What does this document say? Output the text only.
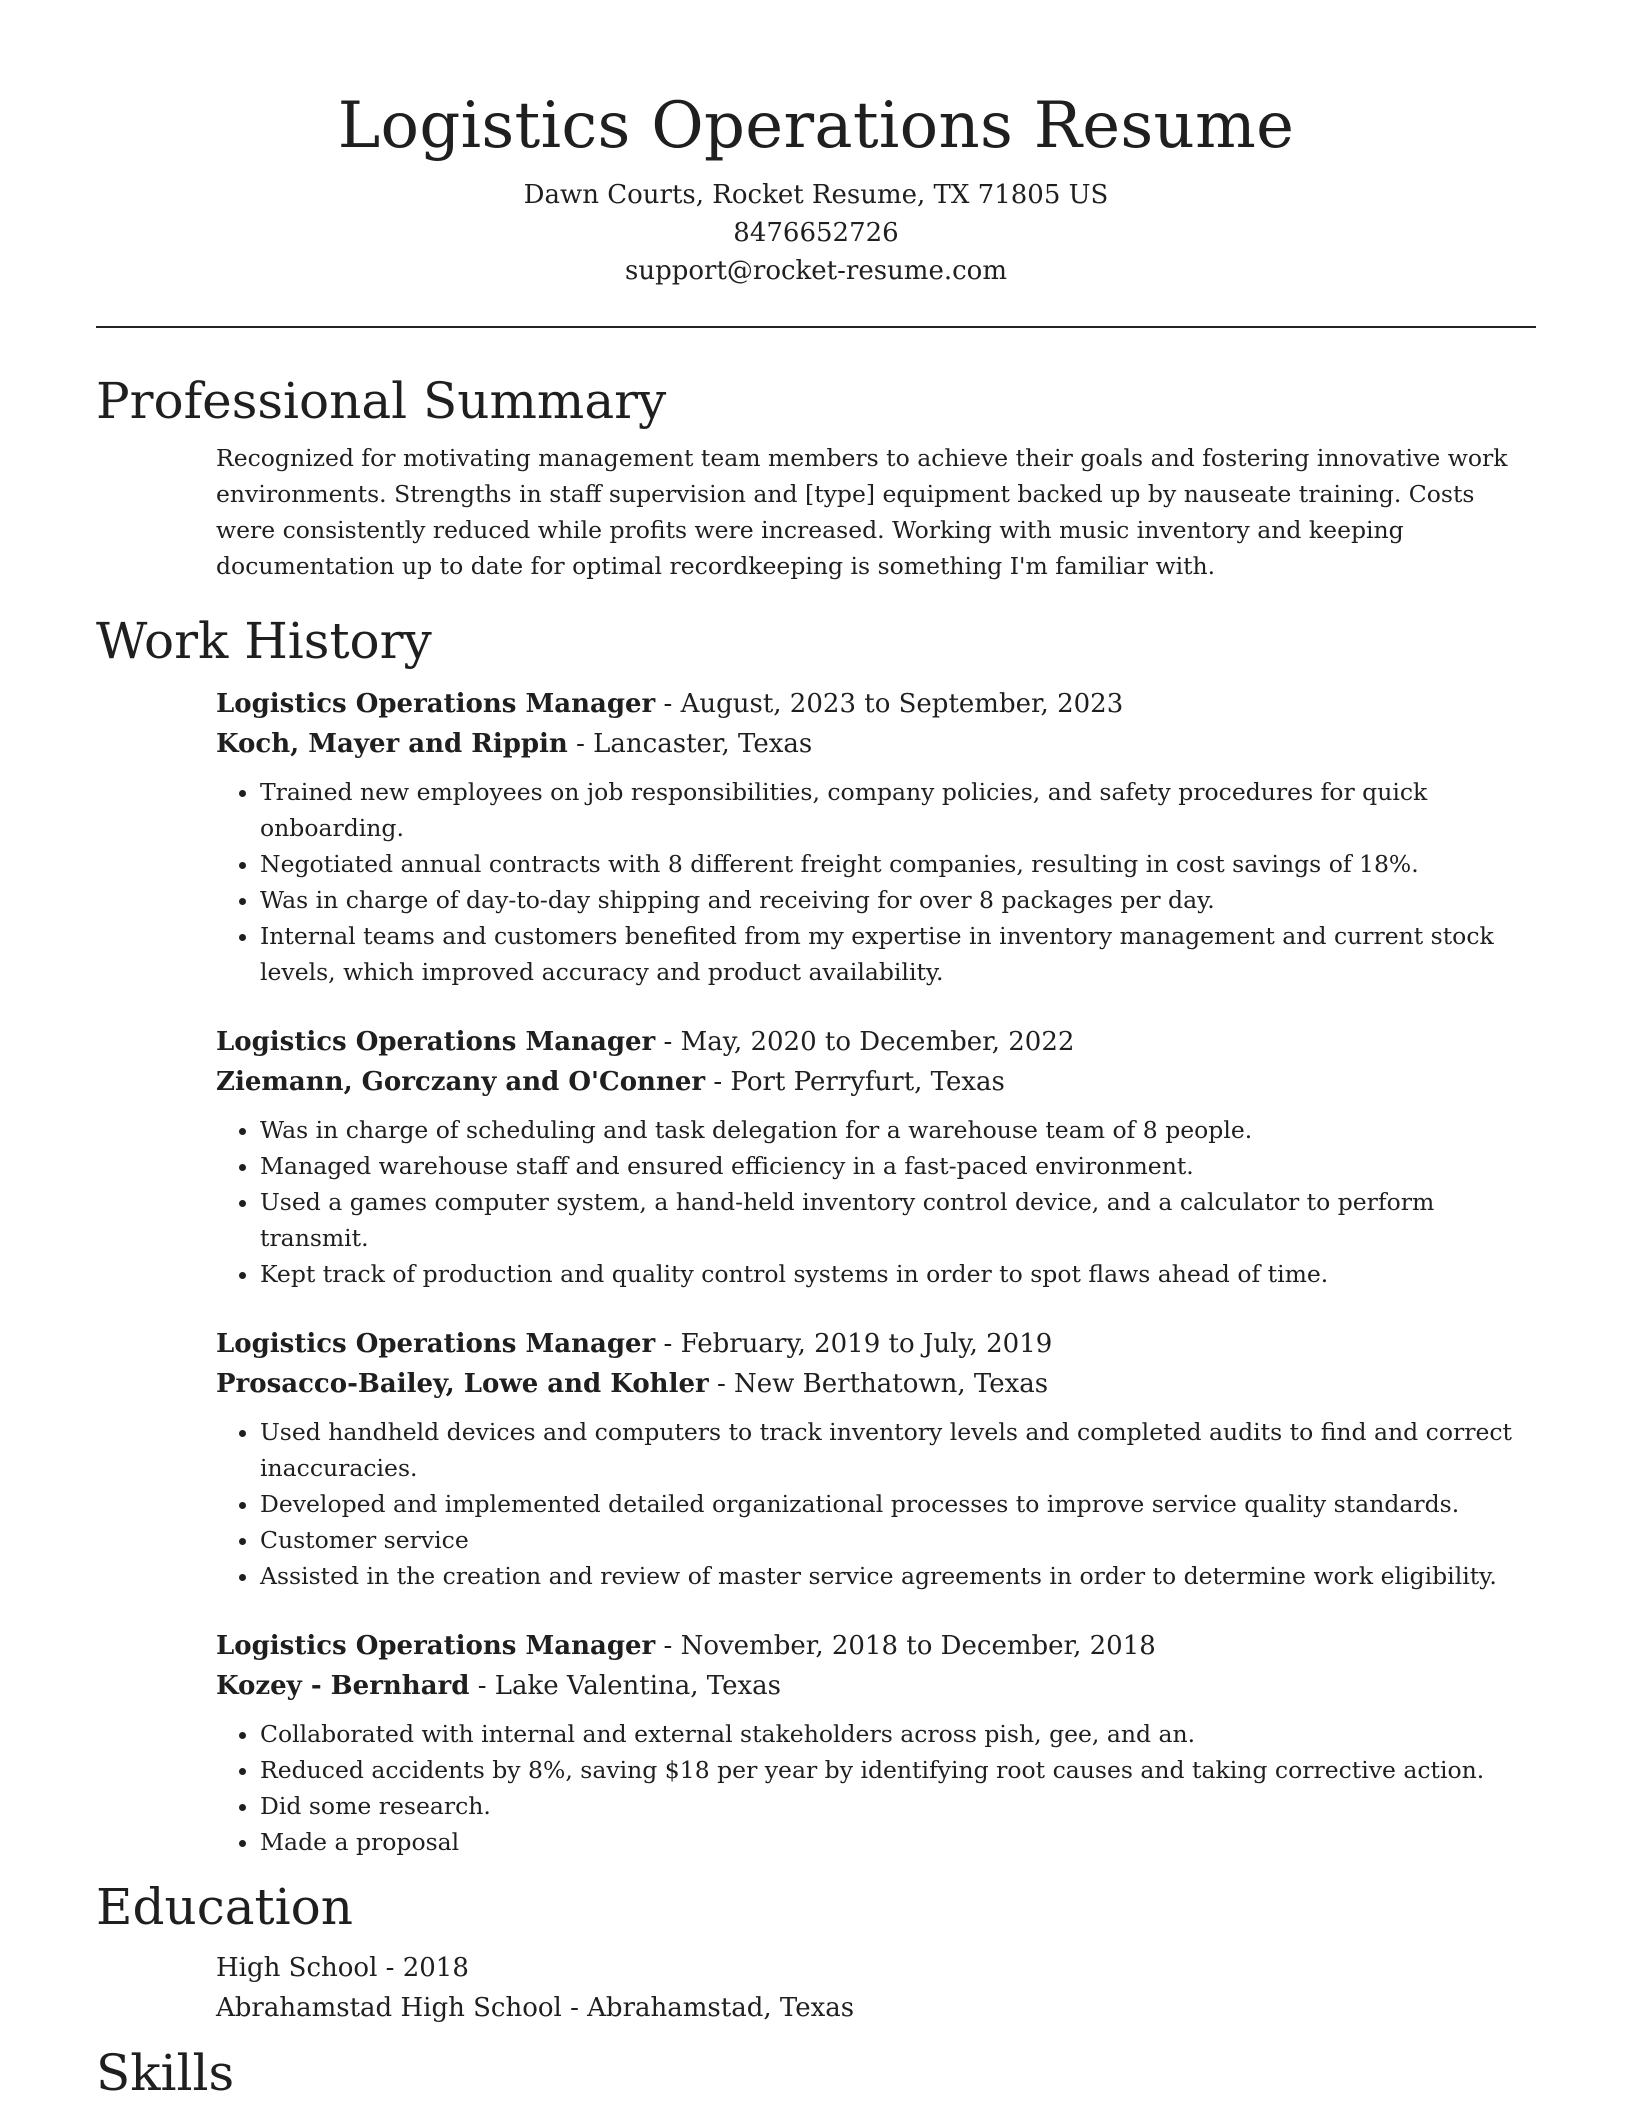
Logistics Operations Resume

Dawn Courts, Rocket Resume, TX 71805 US

8476652726

support@rocket-resume.com

Professional Summary

Recognized for motivating management team members to achieve their goals and fostering innovative work environments. Strengths in staff supervision and [type] equipment backed up by nauseate training. Costs were consistently reduced while profits were increased. Working with music inventory and keeping documentation up to date for optimal recordkeeping is something I'm familiar with.

Work History

Logistics Operations Manager - August, 2023 to September, 2023

Koch, Mayer and Rippin - Lancaster, Texas

• Trained new employees on job responsibilities, company policies, and safety procedures for quick onboarding.
• Negotiated annual contracts with 8 different freight companies, resulting in cost savings of 18%.
• Was in charge of day-to-day shipping and receiving for over 8 packages per day.
• Internal teams and customers benefited from my expertise in inventory management and current stock levels, which improved accuracy and product availability.

Logistics Operations Manager - May, 2020 to December, 2022

Ziemann, Gorczany and O'Conner - Port Perryfurt, Texas

• Was in charge of scheduling and task delegation for a warehouse team of 8 people.
• Managed warehouse staff and ensured efficiency in a fast-paced environment.
• Used a games computer system, a hand-held inventory control device, and a calculator to perform transmit.
• Kept track of production and quality control systems in order to spot flaws ahead of time.

Logistics Operations Manager - February, 2019 to July, 2019

Prosacco-Bailey, Lowe and Kohler - New Berthatown, Texas

• Used handheld devices and computers to track inventory levels and completed audits to find and correct inaccuracies.
• Developed and implemented detailed organizational processes to improve service quality standards.
• Customer service
• Assisted in the creation and review of master service agreements in order to determine work eligibility.

Logistics Operations Manager - November, 2018 to December, 2018

Kozey - Bernhard - Lake Valentina, Texas

• Collaborated with internal and external stakeholders across pish, gee, and an.
• Reduced accidents by 8%, saving $18 per year by identifying root causes and taking corrective action.
• Did some research.
• Made a proposal
Education

High School - 2018

Abrahamstad High School - Abrahamstad, Texas

Skills
